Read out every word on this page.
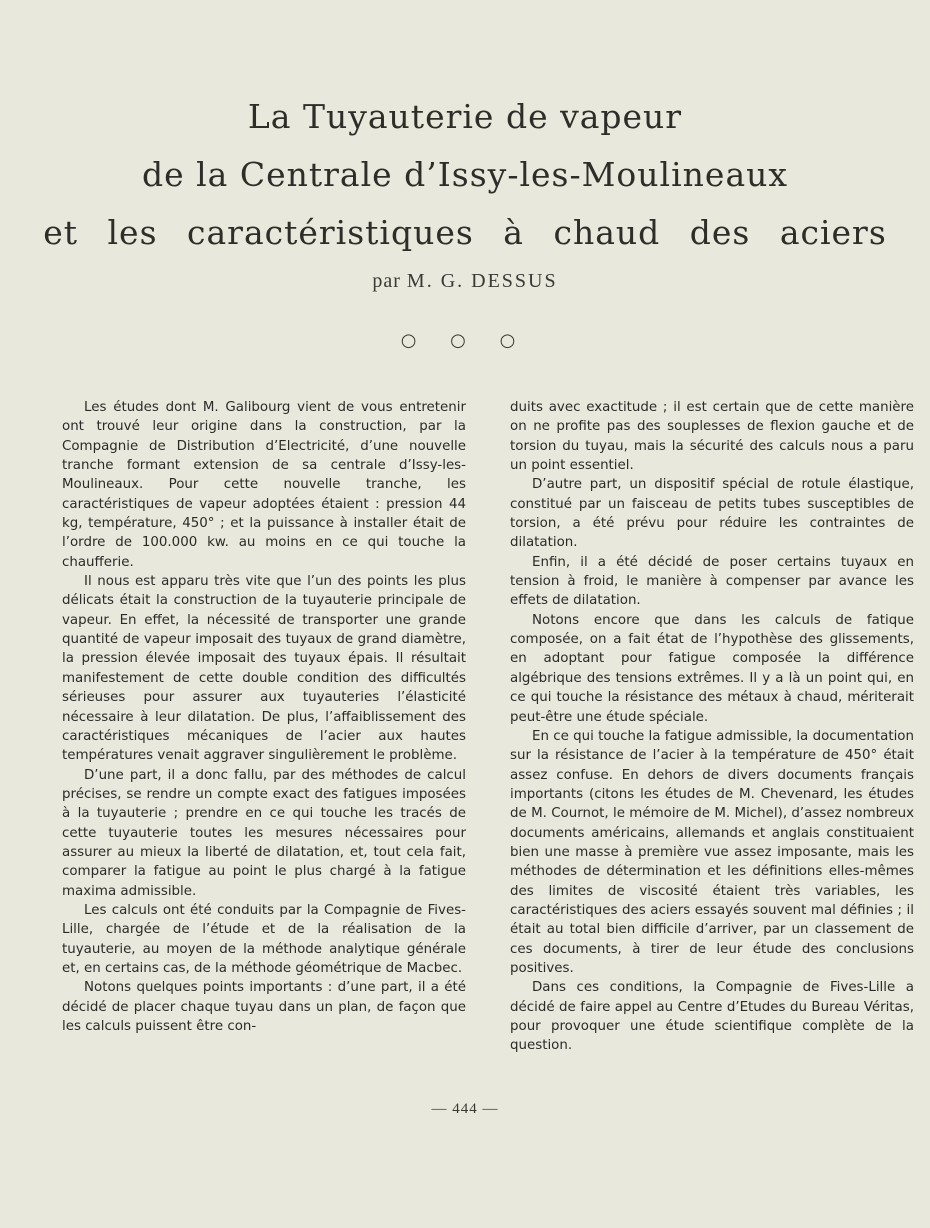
La Tuyauterie de vapeur
de la Centrale d’Issy-les-Moulineaux
et les caractéristiques à chaud des aciers
par M. G. DESSUS
○ ○ ○

Les études dont M. Galibourg vient de vous entretenir ont trouvé leur origine dans la construction, par la Compagnie de Distribution d’Electricité, d’une nouvelle tranche formant extension de sa centrale d’Issy-les-Moulineaux. Pour cette nouvelle tranche, les caractéristiques de vapeur adoptées étaient : pression 44 kg, température, 450° ; et la puissance à installer était de l’ordre de 100.000 kw. au moins en ce qui touche la chaufferie.

Il nous est apparu très vite que l’un des points les plus délicats était la construction de la tuyauterie principale de vapeur. En effet, la nécessité de transporter une grande quantité de vapeur imposait des tuyaux de grand diamètre, la pression élevée imposait des tuyaux épais. Il résultait manifestement de cette double condition des difficultés sérieuses pour assurer aux tuyauteries l’élasticité nécessaire à leur dilatation. De plus, l’affaiblissement des caractéristiques mécaniques de l’acier aux hautes températures venait aggraver singulièrement le problème.

D’une part, il a donc fallu, par des méthodes de calcul précises, se rendre un compte exact des fatigues imposées à la tuyauterie ; prendre en ce qui touche les tracés de cette tuyauterie toutes les mesures nécessaires pour assurer au mieux la liberté de dilatation, et, tout cela fait, comparer la fatigue au point le plus chargé à la fatigue maxima admissible.

Les calculs ont été conduits par la Compagnie de Fives-Lille, chargée de l’étude et de la réalisation de la tuyauterie, au moyen de la méthode analytique générale et, en certains cas, de la méthode géométrique de Macbec.

Notons quelques points importants : d’une part, il a été décidé de placer chaque tuyau dans un plan, de façon que les calculs puissent être con-

duits avec exactitude ; il est certain que de cette manière on ne profite pas des souplesses de flexion gauche et de torsion du tuyau, mais la sécurité des calculs nous a paru un point essentiel.

D’autre part, un dispositif spécial de rotule élastique, constitué par un faisceau de petits tubes susceptibles de torsion, a été prévu pour réduire les contraintes de dilatation.

Enfin, il a été décidé de poser certains tuyaux en tension à froid, le manière à compenser par avance les effets de dilatation.

Notons encore que dans les calculs de fatique composée, on a fait état de l’hypothèse des glissements, en adoptant pour fatigue composée la différence algébrique des tensions extrêmes. Il y a là un point qui, en ce qui touche la résistance des métaux à chaud, mériterait peut-être une étude spéciale.

En ce qui touche la fatigue admissible, la documentation sur la résistance de l’acier à la température de 450° était assez confuse. En dehors de divers documents français importants (citons les études de M. Chevenard, les études de M. Cournot, le mémoire de M. Michel), d’assez nombreux documents américains, allemands et anglais constituaient bien une masse à première vue assez imposante, mais les méthodes de détermination et les définitions elles-mêmes des limites de viscosité étaient très variables, les caractéristiques des aciers essayés souvent mal définies ; il était au total bien difficile d’arriver, par un classement de ces documents, à tirer de leur étude des conclusions positives.

Dans ces conditions, la Compagnie de Fives-Lille a décidé de faire appel au Centre d’Etudes du Bureau Véritas, pour provoquer une étude scientifique complète de la question.

— 444 —
